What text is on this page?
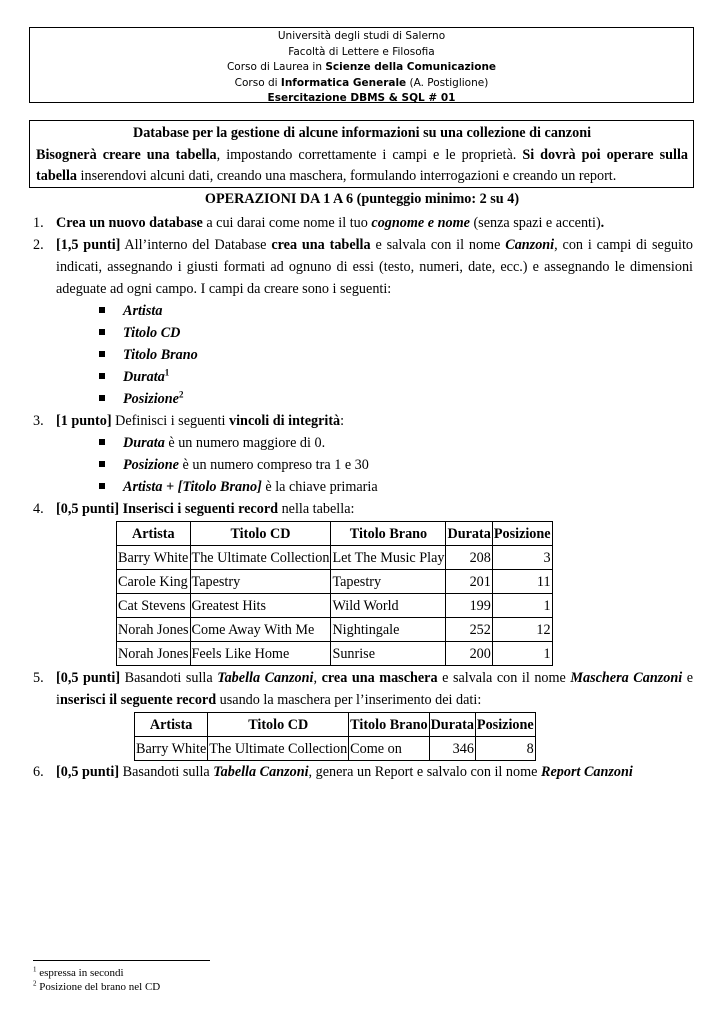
Università degli studi di Salerno
Facoltà di Lettere e Filosofia
Corso di Laurea in Scienze della Comunicazione
Corso di Informatica Generale (A. Postiglione)
Esercitazione DBMS & SQL # 01
Database per la gestione di alcune informazioni su una collezione di canzoni
Bisognerà creare una tabella, impostando correttamente i campi e le proprietà. Si dovrà poi operare sulla tabella inserendovi alcuni dati, creando una maschera, formulando interrogazioni e creando un report.
OPERAZIONI DA 1 A 6 (punteggio minimo: 2 su 4)
1. Crea un nuovo database a cui darai come nome il tuo cognome e nome (senza spazi e accenti).
2. [1,5 punti] All’interno del Database crea una tabella e salvala con il nome Canzoni, con i campi di seguito indicati, assegnando i giusti formati ad ognuno di essi (testo, numeri, date, ecc.) e assegnando le dimensioni adeguate ad ogni campo. I campi da creare sono i seguenti:
Artista
Titolo CD
Titolo Brano
Durata$^1$
Posizione$^2$
3. [1 punto] Definisci i seguenti vincoli di integrità:
Durata è un numero maggiore di 0.
Posizione è un numero compreso tra 1 e 30
Artista + [Titolo Brano] è la chiave primaria
4. [0,5 punti] Inserisci i seguenti record nella tabella:
Artista	Titolo CD	Titolo Brano	Durata	Posizione
Barry White	The Ultimate Collection	Let The Music Play	208	3
Carole King	Tapestry	Tapestry	201	11
Cat Stevens	Greatest Hits	Wild World	199	1
Norah Jones	Come Away With Me	Nightingale	252	12
Norah Jones	Feels Like Home	Sunrise	200	1
5. [0,5 punti] Basandoti sulla Tabella Canzoni, crea una maschera e salvala con il nome Maschera Canzoni e inserisci il seguente record usando la maschera per l’inserimento dei dati:
Artista	Titolo CD	Titolo Brano	Durata	Posizione
Barry White	The Ultimate Collection	Come on	346	8
6. [0,5 punti] Basandoti sulla Tabella Canzoni, genera un Report e salvalo con il nome Report Canzoni
$^1$ espressa in secondi
$^2$ Posizione del brano nel CD
